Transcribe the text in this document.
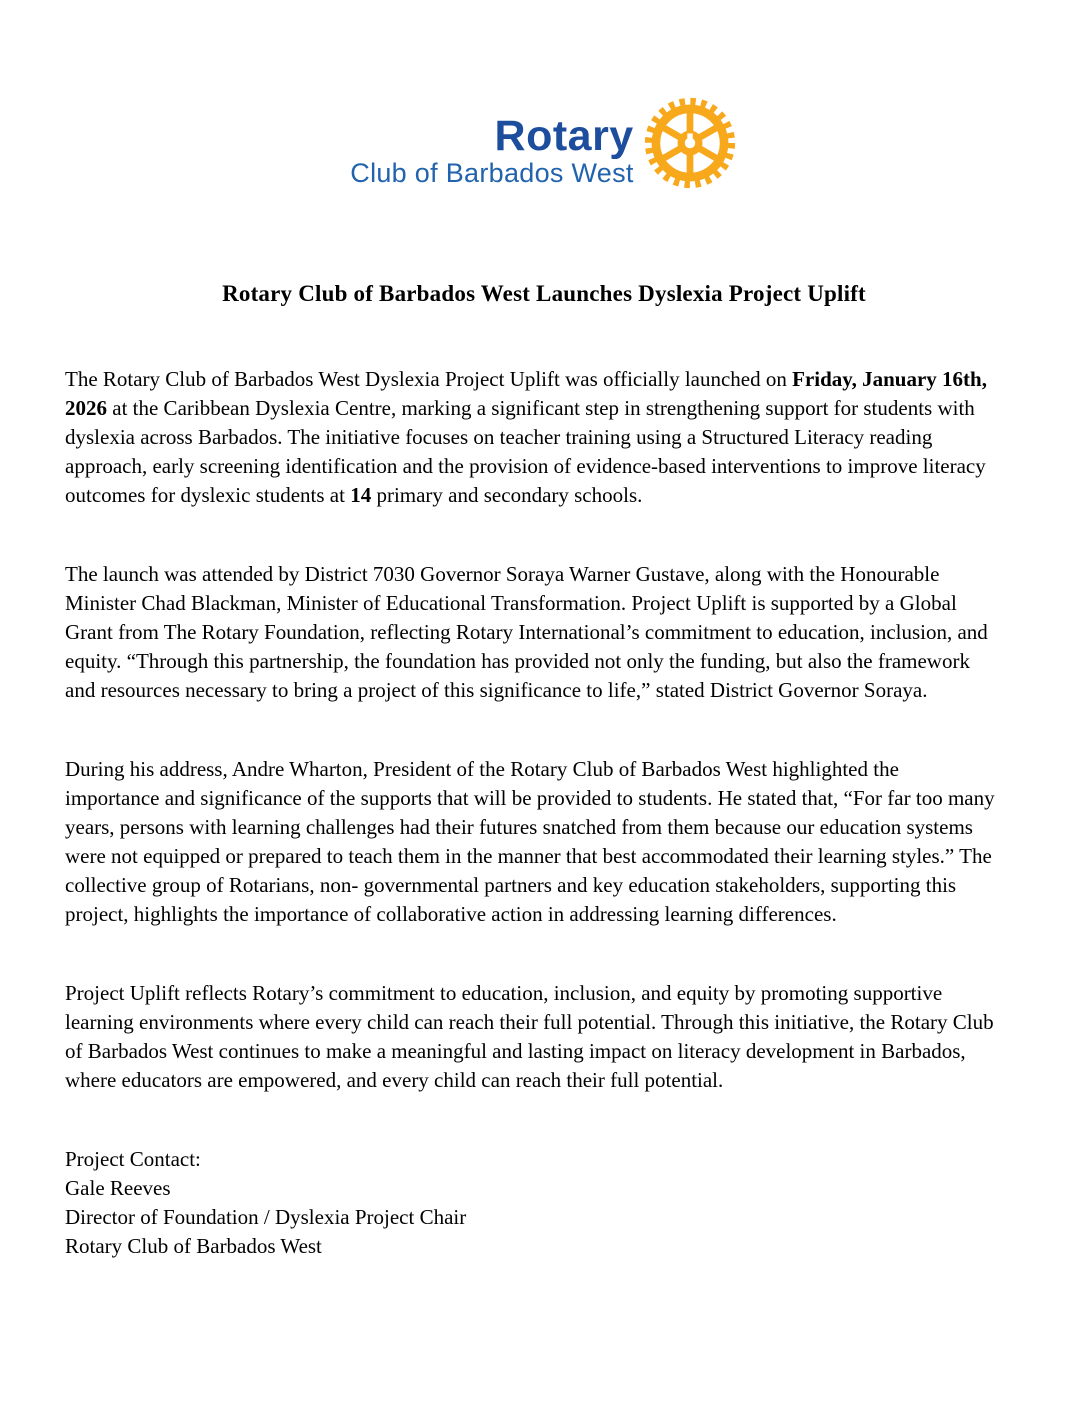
Rotary
Club of Barbados West
Rotary Club of Barbados West Launches Dyslexia Project Uplift

The Rotary Club of Barbados West Dyslexia Project Uplift was officially launched on Friday, January 16th, 2026 at the Caribbean Dyslexia Centre, marking a significant step in strengthening support for students with dyslexia across Barbados. The initiative focuses on teacher training using a Structured Literacy reading approach, early screening identification and the provision of evidence-based interventions to improve literacy outcomes for dyslexic students at 14 primary and secondary schools.

The launch was attended by District 7030 Governor Soraya Warner Gustave, along with the Honourable Minister Chad Blackman, Minister of Educational Transformation. Project Uplift is supported by a Global Grant from The Rotary Foundation, reflecting Rotary International’s commitment to education, inclusion, and equity. “Through this partnership, the foundation has provided not only the funding, but also the framework and resources necessary to bring a project of this significance to life,” stated District Governor Soraya.

During his address, Andre Wharton, President of the Rotary Club of Barbados West highlighted the importance and significance of the supports that will be provided to students. He stated that, “For far too many years, persons with learning challenges had their futures snatched from them because our education systems were not equipped or prepared to teach them in the manner that best accommodated their learning styles.” The collective group of Rotarians, non- governmental partners and key education stakeholders, supporting this project, highlights the importance of collaborative action in addressing learning differences.

Project Uplift reflects Rotary’s commitment to education, inclusion, and equity by promoting supportive learning environments where every child can reach their full potential. Through this initiative, the Rotary Club of Barbados West continues to make a meaningful and lasting impact on literacy development in Barbados, where educators are empowered, and every child can reach their full potential.

Project Contact:
Gale Reeves
Director of Foundation / Dyslexia Project Chair
Rotary Club of Barbados West
